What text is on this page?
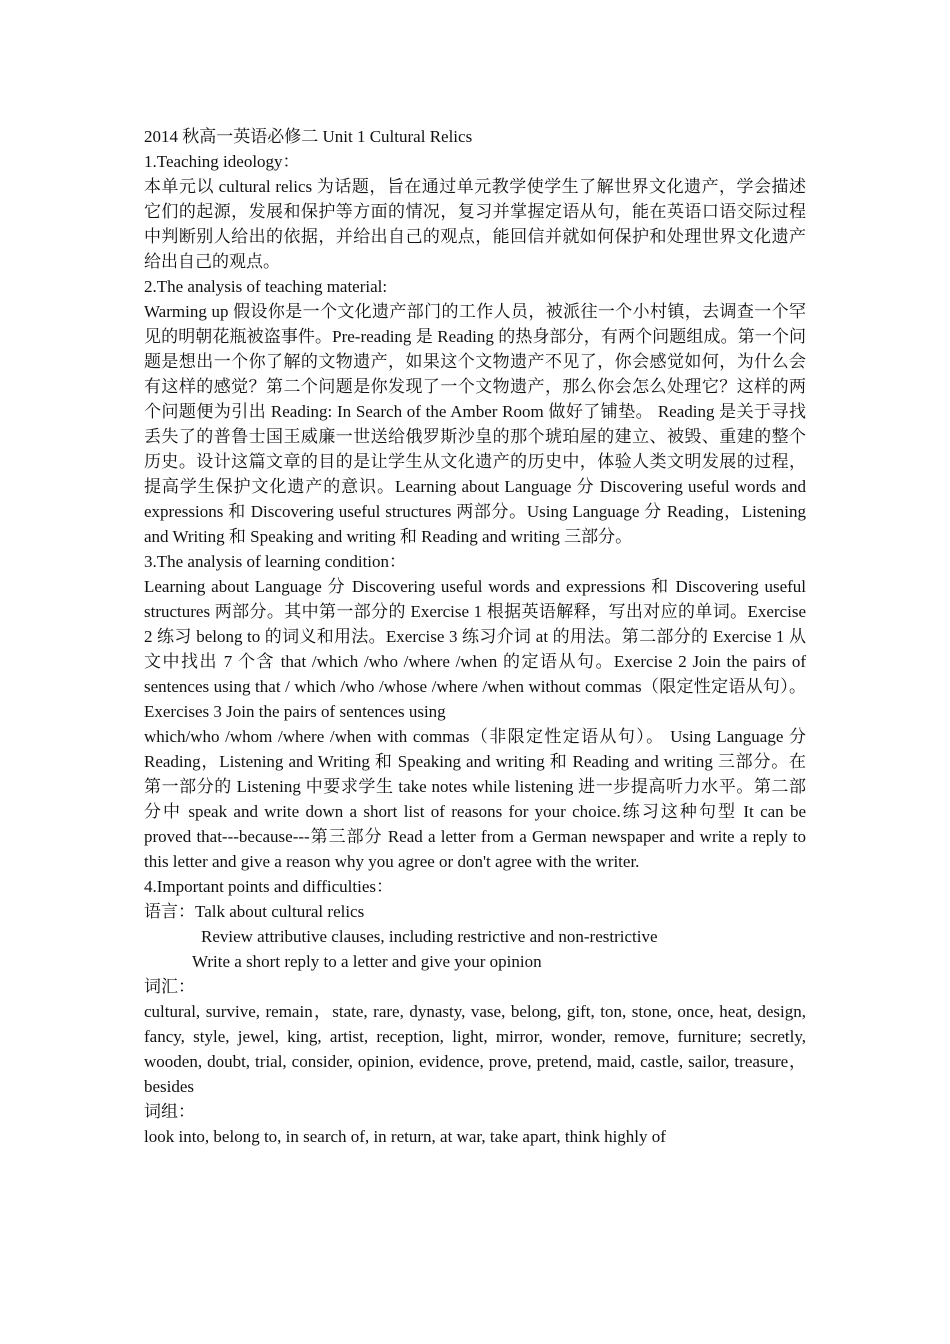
2014 秋高一英语必修二 Unit 1 Cultural Relics
1.Teaching ideology：
本单元以 cultural relics 为话题，旨在通过单元教学使学生了解世界文化遗产，学会描述它们的起源，发展和保护等方面的情况，复习并掌握定语从句，能在英语口语交际过程中判断别人给出的依据，并给出自己的观点，能回信并就如何保护和处理世界文化遗产给出自己的观点。
2.The analysis of teaching material:
Warming up 假设你是一个文化遗产部门的工作人员，被派往一个小村镇，去调查一个罕见的明朝花瓶被盗事件。Pre-reading 是 Reading 的热身部分，有两个问题组成。第一个问题是想出一个你了解的文物遗产，如果这个文物遗产不见了，你会感觉如何，为什么会有这样的感觉？第二个问题是你发现了一个文物遗产，那么你会怎么处理它？这样的两个问题便为引出 Reading: In Search of the Amber Room 做好了铺垫。 Reading 是关于寻找丢失了的普鲁士国王威廉一世送给俄罗斯沙皇的那个琥珀屋的建立、被毁、重建的整个历史。设计这篇文章的目的是让学生从文化遗产的历史中，体验人类文明发展的过程，提高学生保护文化遗产的意识。Learning about Language 分 Discovering useful words and expressions 和 Discovering useful structures 两部分。Using Language 分 Reading，Listening and Writing 和 Speaking and writing 和 Reading and writing 三部分。
3.The analysis of learning condition：
Learning about Language 分 Discovering useful words and expressions 和 Discovering useful structures 两部分。其中第一部分的 Exercise 1 根据英语解释，写出对应的单词。Exercise 2 练习 belong to 的词义和用法。Exercise 3 练习介词 at 的用法。第二部分的 Exercise 1 从文中找出 7 个含 that /which /who /where /when 的定语从句。Exercise 2 Join the pairs of sentences using that / which /who /whose /where /when without commas（限定性定语从句）。Exercises 3 Join the pairs of sentences using
which/who /whom /where /when with commas（非限定性定语从句）。 Using Language 分 Reading，Listening and Writing 和 Speaking and writing 和 Reading and writing 三部分。在第一部分的 Listening 中要求学生 take notes while listening 进一步提高听力水平。第二部分中 speak and write down a short list of reasons for your choice.练习这种句型 It can be proved that---because---第三部分 Read a letter from a German newspaper and write a reply to this letter and give a reason why you agree or don't agree with the writer.
4.Important points and difficulties：
语言：Talk about cultural relics
Review attributive clauses, including restrictive and non-restrictive
Write a short reply to a letter and give your opinion
词汇：
cultural, survive, remain，state, rare, dynasty, vase, belong, gift, ton, stone, once, heat, design, fancy, style, jewel, king, artist, reception, light, mirror, wonder, remove, furniture; secretly, wooden, doubt, trial, consider, opinion, evidence, prove, pretend, maid, castle, sailor, treasure，besides
词组：
look into, belong to, in search of, in return, at war, take apart, think highly of
